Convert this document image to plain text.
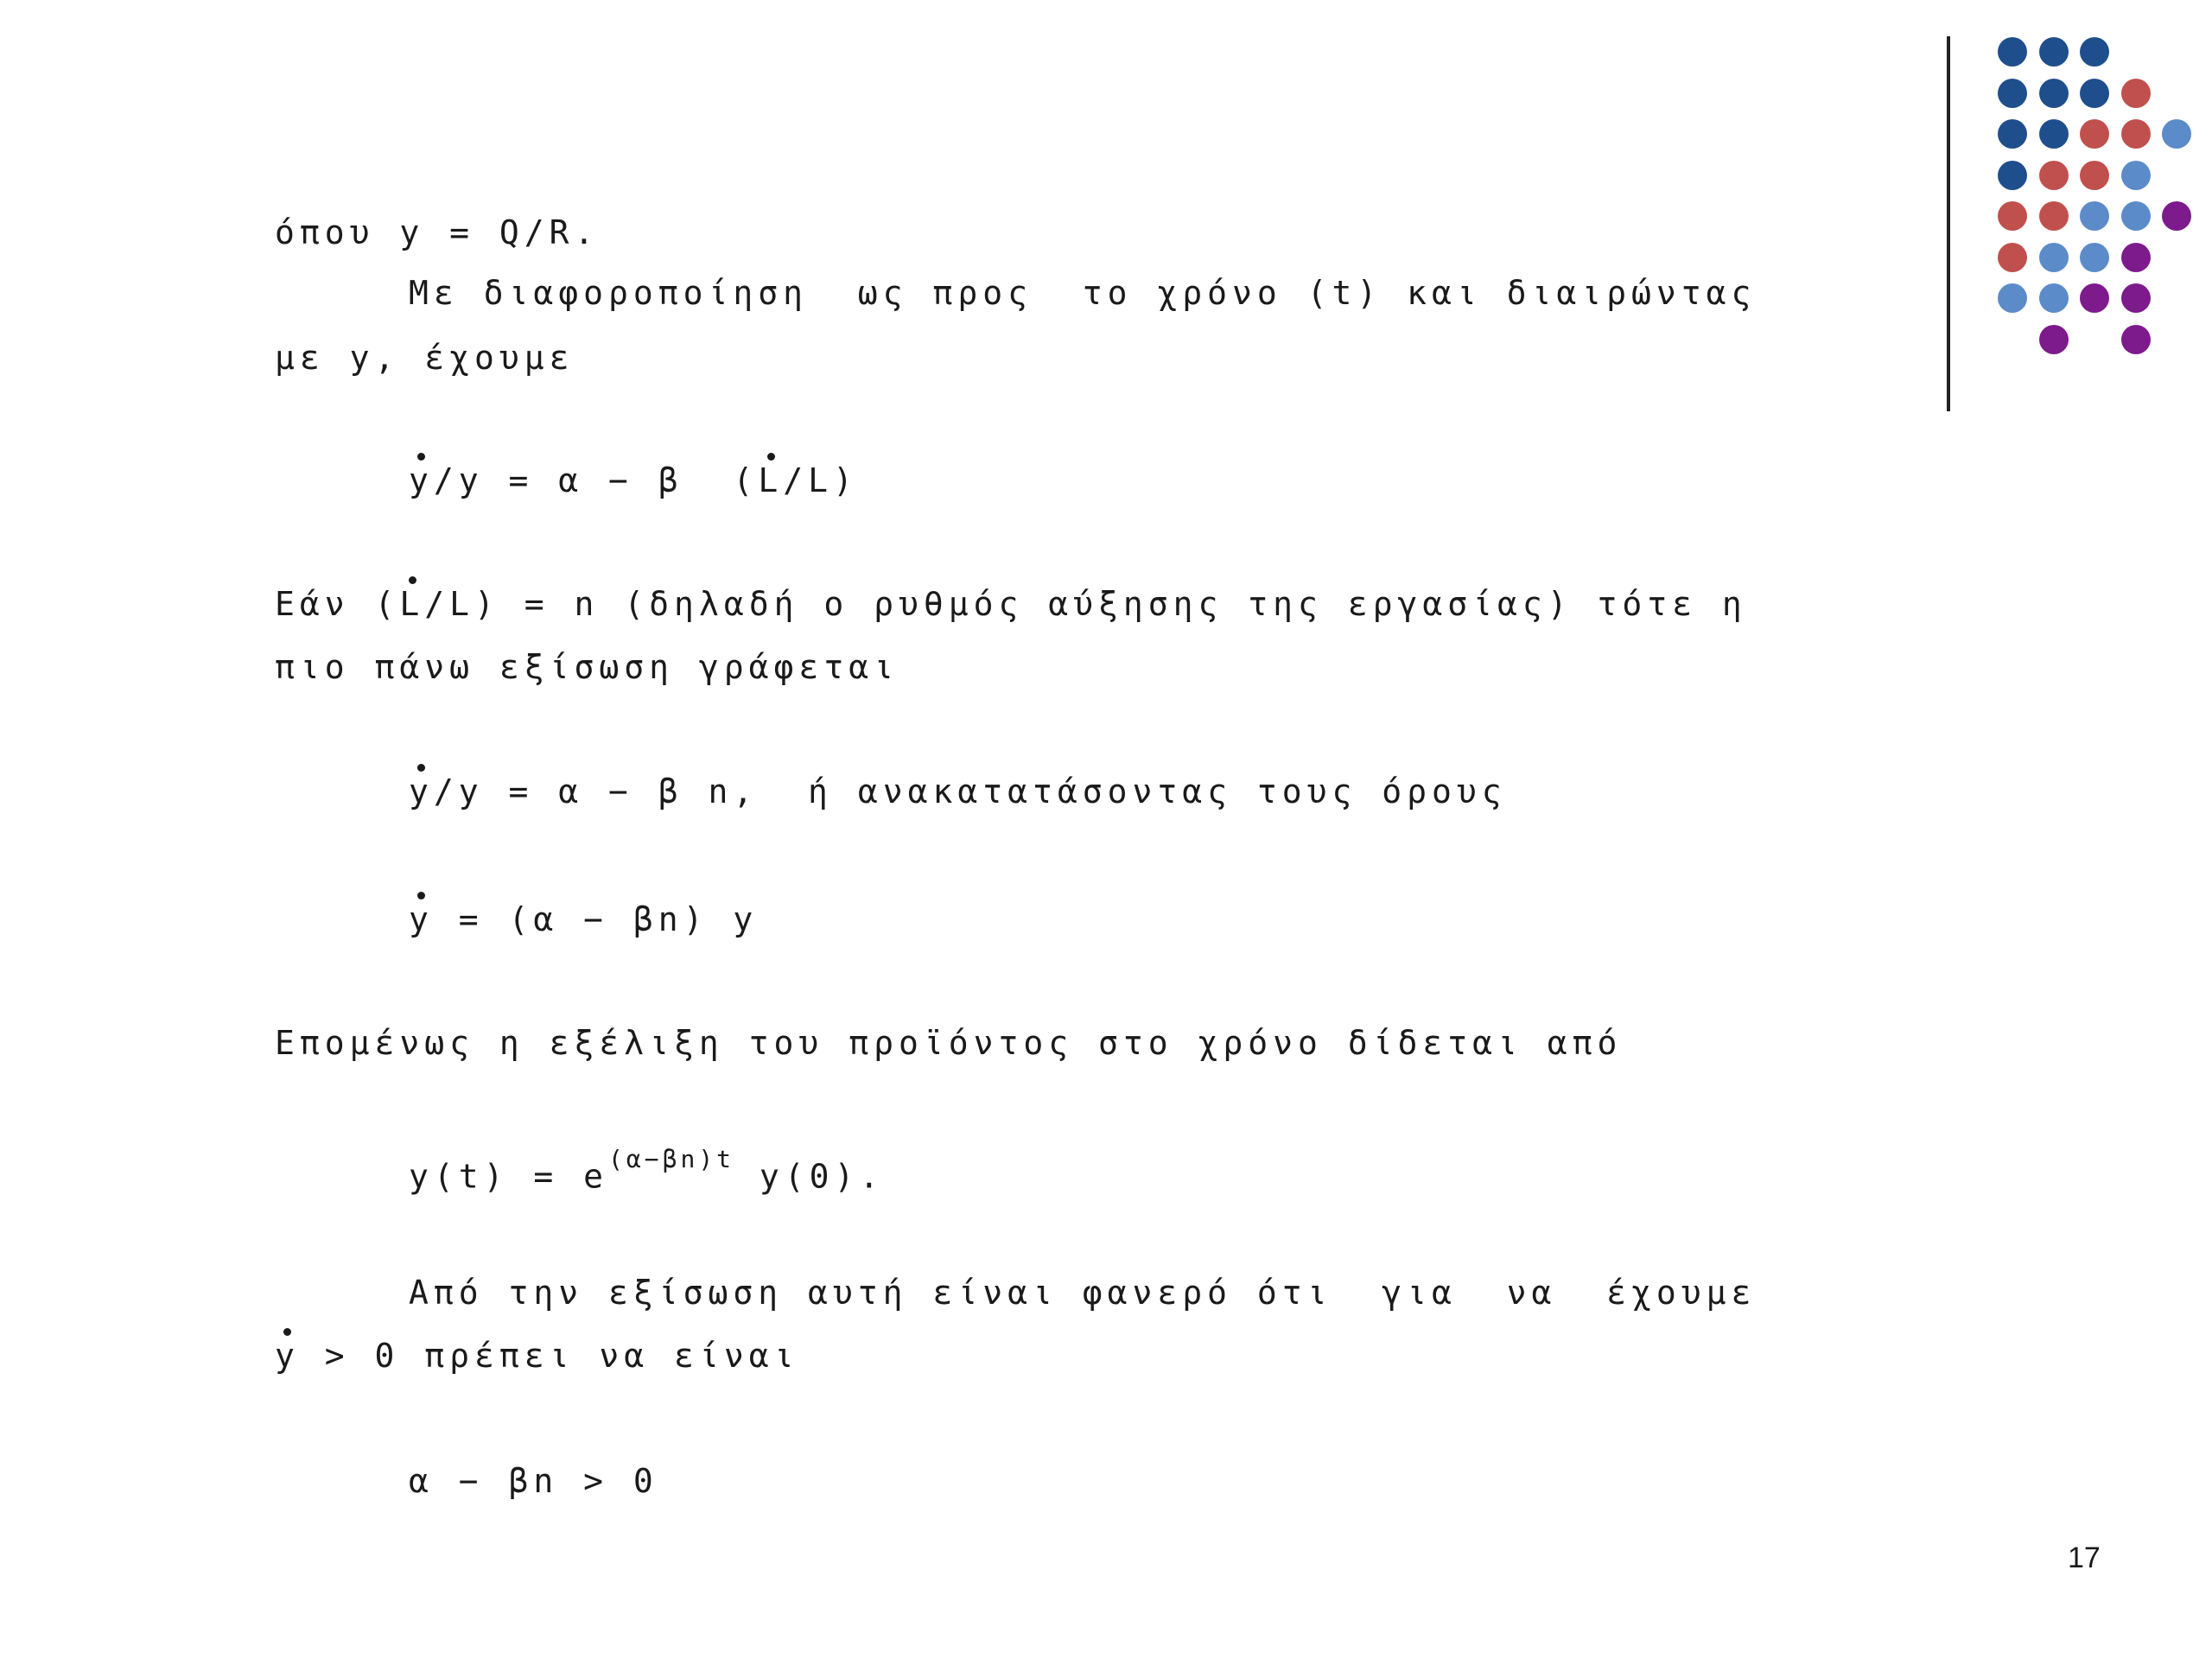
όπου y = Q/R.
Με διαφοροποίηση  ως προς  το χρόνο (t) και διαιρώντας
με y, έχουμε
y/y = α − β  (L/L)
Εάν (L/L) = n (δηλαδή ο ρυθμός αύξησης της εργασίας) τότε η
πιο πάνω εξίσωση γράφεται
y/y = α − β n,  ή ανακατατάσοντας τους όρους
y = (α − βn) y
Επομένως η εξέλιξη του προϊόντος στο χρόνο δίδεται από
$y(t) = e^{(\alpha-\beta n)t}$ y(0).
Από την εξίσωση αυτή είναι φανερό ότι  για  να  έχουμε
y > 0 πρέπει να είναι
α − βn > 0
17
